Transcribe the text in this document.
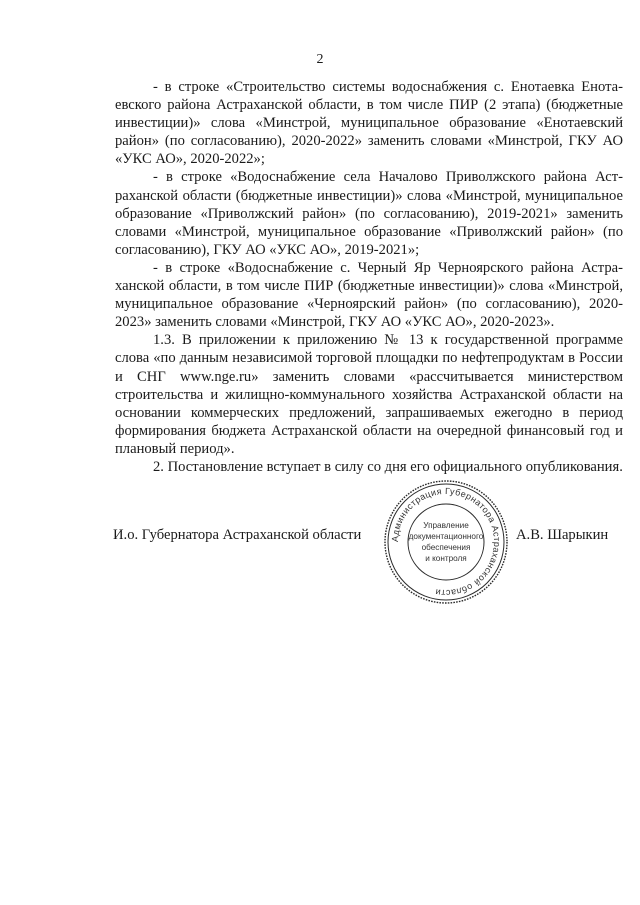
2

- в строке «Строительство системы водоснабжения с. Енотаевка Енотаевского района Астраханской области, в том числе ПИР (2 этапа) (бюджетные инвестиции)» слова «Минстрой, муниципальное образование «Енотаевский район» (по согласованию), 2020-2022» заменить словами «Минстрой, ГКУ АО «УКС АО», 2020-2022»;

- в строке «Водоснабжение села Началово Приволжского района Астраханской области (бюджетные инвестиции)» слова «Минстрой, муниципальное образование «Приволжский район» (по согласованию), 2019-2021» заменить словами «Минстрой, муниципальное образование «Приволжский район» (по согласованию), ГКУ АО «УКС АО», 2019-2021»;

- в строке «Водоснабжение с. Черный Яр Черноярского района Астраханской области, в том числе ПИР (бюджетные инвестиции)» слова «Минстрой, муниципальное образование «Черноярский район» (по согласованию), 2020-2023» заменить словами «Минстрой, ГКУ АО «УКС АО», 2020-2023».

1.3. В приложении к приложению № 13 к государственной программе слова «по данным независимой торговой площадки по нефтепродуктам в России и СНГ www.nge.ru» заменить словами «рассчитывается министерством строительства и жилищно-коммунального хозяйства Астраханской области на основании коммерческих предложений, запрашиваемых ежегодно в период формирования бюджета Астраханской области на очередной финансовый год и плановый период».

2. Постановление вступает в силу со дня его официального опубликования.

И.о. Губернатора Астраханской области	Администрация Губернатора Астраханской области
Управление
документационного
обеспечения
и контроля
А.В. Шарыкин
